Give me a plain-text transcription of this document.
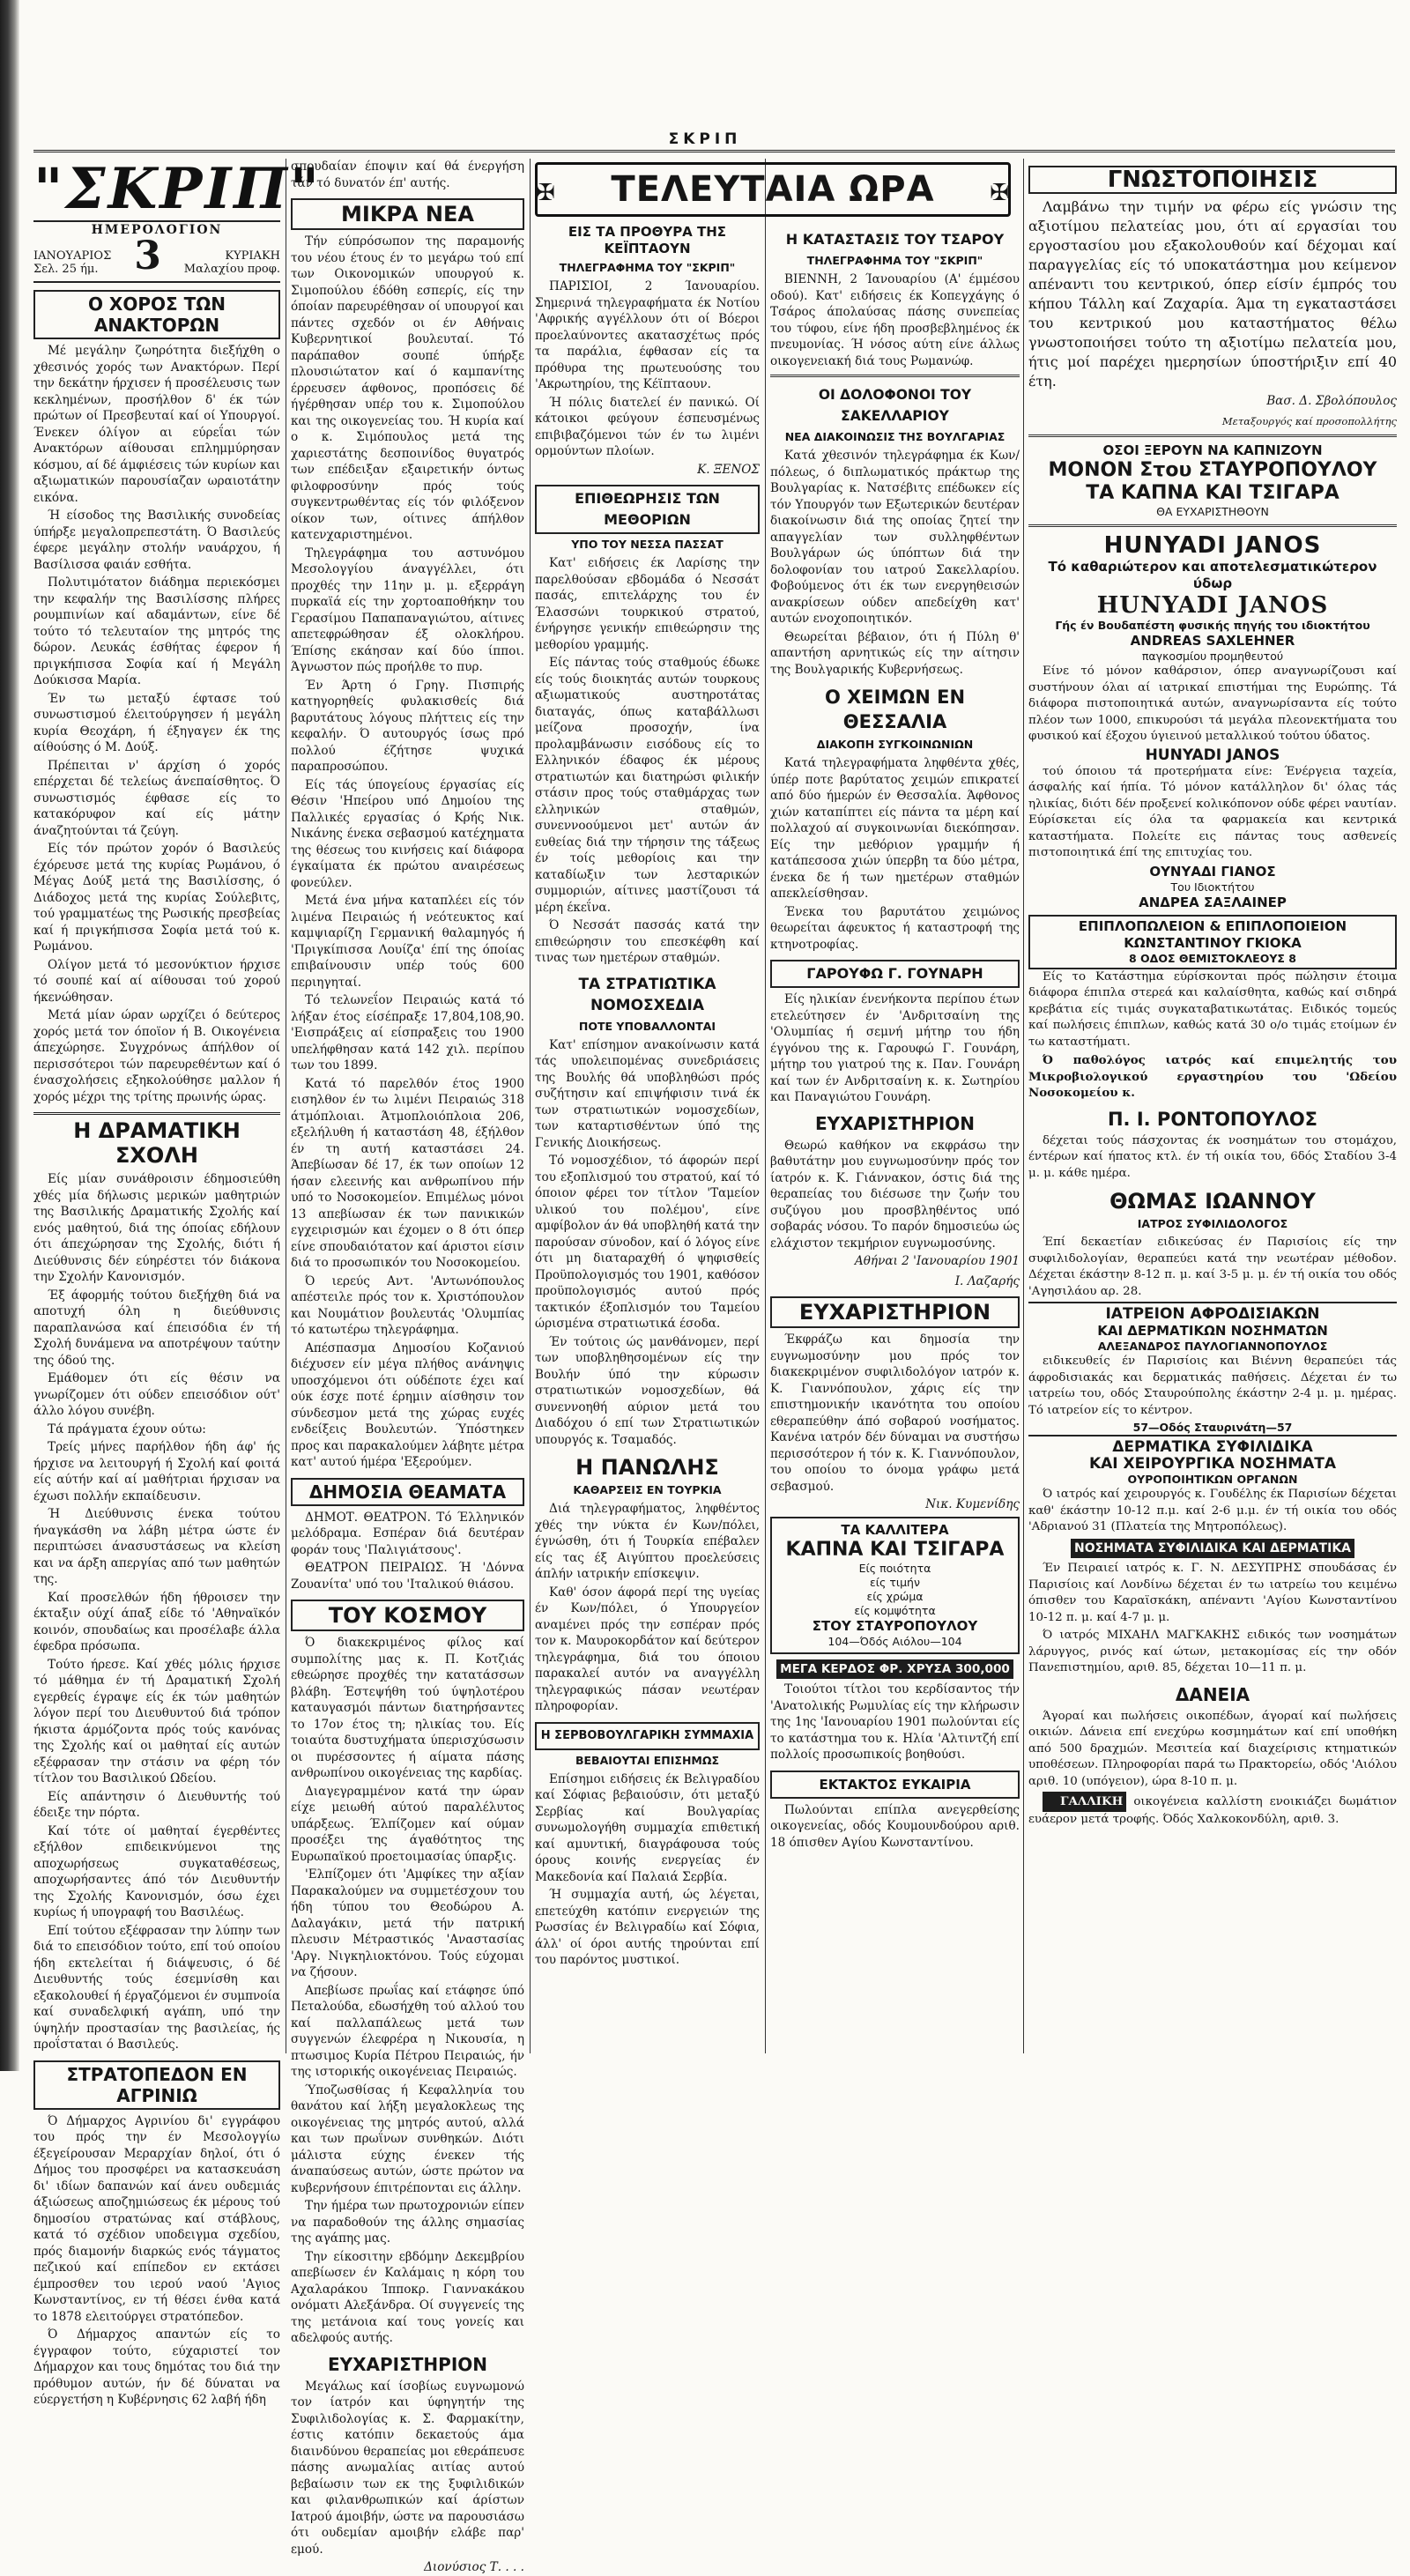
ΣΚΡΙΠ
"ΣΚΡΙΠ"
ΗΜΕΡΟΛΟΓΙΟΝ
ΙΑΝΟΥΑΡΙΟΣ
Σελ. 25 ήμ. 3	ΚΥΡΙΑΚΗ
Μαλαχίου προφ.
Ο ΧΟΡΟΣ ΤΩΝ ΑΝΑΚΤΟΡΩΝ

Μέ μεγάλην ζωηρότητα διεξήχθη ο χθεσινός χορός των Ανακτόρων. Περί την δεκάτην ήρχισεν ή προσέλευσις των κεκλημένων, προσήλθον δ' έκ τών πρώτων οί Πρεσβευταί καί οί Υπουργοί. Ένεκεν όλίγον αι εύρεΐαι τών Ανακτόρων αίθουσαι επλημμύρησαν κόσμου, αί δέ άμφιέσεις τών κυρίων και αξιωματικών παρουσίαζαν ωραιοτάτην εικόνα.

Ή είσοδος της Βασιλικής συνοδείας ύπήρξε μεγαλοπρεπεστάτη. Ό Βασιλεύς έφερε μεγάλην στολήν ναυάρχου, ή Βασίλισσα φαιάν εσθήτα.

Πολυτιμότατον διάδημα περιεκόσμει την κεφαλήν της Βασιλίσσης πλήρες ρουμπινίων καί αδαμάντων, είνε δέ τούτο τό τελευταίον της μητρός της δώρον. Λευκάς έσθήτας έφερον ή πριγκήπισσα Σοφία καί ή Μεγάλη Δούκισσα Μαρία.

Έν τω μεταξύ έφτασε τού συνωστισμού έλειτούργησεν ή μεγάλη κυρία Θεοχάρη, ή έξηγαγεν έκ της αίθούσης ό Μ. Δούξ.

Πρέπειται ν' άρχίση ό χορός επέρχεται δέ τελείως άνεπαίσθητος. Ό συνωστισμός έφθασε είς το κατακόρυφον καί είς μάτην άναζητούνται τά ζεύγη.

Είς τόν πρώτον χορόν ό Βασιλεύς έχόρευσε μετά της κυρίας Ρωμάνου, ό Μέγας Δούξ μετά της Βασιλίσσης, ό Διάδοχος μετά της κυρίας Σούλεβιτς, τού γραμματέως της Ρωσικής πρεσβείας καί ή πριγκήπισσα Σοφία μετά τού κ. Ρωμάνου.

Ολίγον μετά τό μεσονύκτιον ήρχισε τό σουπέ καί αί αίθουσαι τού χορού ήκενώθησαν.

Μετά μίαν ώραν ωρχίζει ό δεύτερος χορός μετά τον όποϊον ή Β. Οικογένεια άπεχώρησε. Συγχρόνως άπήλθον οί περισσότεροι τών παρευρεθέντων καί ό ένασχολήσεις εξηκολούθησε μαλλον ή χορός μέχρι της τρίτης πρωινής ώρας.

Η ΔΡΑΜΑΤΙΚΗ ΣΧΟΛΗ

Είς μίαν συνάθροισιν έδημοσιεύθη χθές μία δήλωσις μερικών μαθητριών της Βασιλικής Δραματικής Σχολής καί ενός μαθητού, διά της όποίας εδήλουν ότι άπεχώρησαν της Σχολής, διότι ή Διεύθυνσις δέν εύηρέστει τόν διάκονα την Σχολήν Κανονισμόν.

Έξ άφορμής τούτου διεξήχθη διά να αποτυχή όλη η διεύθυνσις παραπλανώσα καί έπεισόδια έν τή Σχολή δυνάμενα να αποτρέψουν ταύτην της όδού της.

Εμάθομεν ότι είς θέσιν να γνωρίζομεν ότι ούδεν επεισόδιον ούτ' άλλο λόγου συνέβη.

Τά πράγματα έχουν ούτω:

Τρείς μήνες παρήλθον ήδη άφ' ής ήρχισε να λειτουργή ή Σχολή καί φοιτά είς αύτήν καί αί μαθήτριαι ήρχισαν να έχωσι πολλήν εκπαίδευσιν.

Ή Διεύθυνσις ένεκα τούτου ήναγκάσθη να λάβη μέτρα ώστε έν περιπτώσει άνασυστάσεως να κλείση και να άρξη απεργίας από των μαθητών της.

Καί προσελθών ήδη ήθροισεν την έκταξιν ούχί άπαξ είδε τό 'Αθηναϊκόν κοινόν, σπουδαίως και προσέλαβε άλλα έφεδρα πρόσωπα.

Τούτο ήρεσε. Καί χθές μόλις ήρχισε τό μάθημα έν τή Δραματική Σχολή εγερθείς έγραψε είς έκ τών μαθητών λόγον περί του Διευθυντού διά τρόπον ήκιστα άρμόζοντα πρός τούς κανόνας της Σχολής καί οι μαθηταί είς αυτών εξέφρασαν την στάσιν να φέρη τόν τίτλον του Βασιλικού Ωδείου.

Είς απάντησιν ό Διευθυντής τού έδειξε την πόρτα.

Καί τότε οί μαθηταί έγερθέντες εξήλθον επιδεικνύμενοι της αποχωρήσεως συγκαταθέσεως, αποχωρήσαντες άπό τόν Διευθυντήν της Σχολής Κανονισμόν, όσω έχει κυρίως ή υπογραφή του Βασιλέως.

Επί τούτου εξέφρασαν την λύπην των διά το επεισόδιον τούτο, επί τού οποίου ήδη εκτελείται ή διάψευσις, ό δέ Διευθυντής τούς έσεμνίσθη και εξακολουθεί ή έργαζόμενοι έν συμπνοία καί συναδελφική αγάπη, υπό την ύψηλήν προστασίαν της βασιλείας, ής προΐσταται ό Βασιλεύς.

ΣΤΡΑΤΟΠΕΔΟΝ ΕΝ ΑΓΡΙΝΙΩ

Ό Δήμαρχος Αγρινίου δι' εγγράφου του πρός την έν Μεσολογγίω έξεγείρουσαν Μεραρχίαν δηλοί, ότι ό Δήμος του προσφέρει να κατασκευάση δι' ιδίων δαπανών καί άνευ ουδεμιάς άξιώσεως αποζημιώσεως έκ μέρους τού δημοσίου στρατώνας καί στάβλους, κατά τό σχέδιον υποδειγμα σχεδίου, πρός διαμονήν διαρκώς ενός τάγματος πεζικού καί επίπεδον εν εκτάσει έμπροσθεν του ιερού ναού 'Αγιος Κωνσταντίνος, εν τή θέσει ένθα κατά το 1878 ελειτούργει στρατόπεδον.

Ό Δήμαρχος απαντών είς το έγγραφον τούτο, εύχαριστεί τον Δήμαρχον και τους δημότας του διά την πρόθυμον αυτών, ήν δέ δύναται να εύεργετήση η Κυβέρνησις 62 λαβή ήδη

σπουδαίαν έποψιν καί θά ένεργήση τάν τό δυνατόν έπ' αυτής.

ΜΙΚΡΑ ΝΕΑ

Τήν εύπρόσωπον της παραμονής του νέου έτους έν το μεγάρω τού επί των Οικονομικών υπουργού κ. Σιμοπούλου έδόθη εσπερίς, είς την όποίαν παρευρέθησαν οί υπουργοί και πάντες σχεδόν οι έν Αθήναις Κυβερνητικοί βουλευταί. Τό παράπαθον σουπέ ύπήρξε πλουσιώτατον καί ό καμπανίτης έρρευσεν άφθονος, προπόσεις δέ ήγέρθησαν υπέρ του κ. Σιμοπούλου και της οικογενείας του. Ή κυρία καί ο κ. Σιμόπουλος μετά της χαριεστάτης δεσποινίδος θυγατρός των επέδειξαν εξαιρετικήν όντως φιλοφροσύνην πρός τούς συγκεντρωθέντας είς τόν φιλόξενον οίκον των, οίτινες άπήλθον κατενχαριστημένοι.

Τηλεγράφημα του αστυνόμου Μεσολογγίου άναγγέλλει, ότι προχθές την 11ην μ. μ. εξερράγη πυρκαϊά είς την χορτοαποθήκην του Γερασίμου Παπαπαναγιώτου, αίτινες απετεφρώθησαν έξ ολοκλήρου. Έπίσης εκάησαν καί δύο ίπποι. Άγνωστον πώς προήλθε το πυρ.

Έν Άρτη ό Γρηγ. Πισπιρής κατηγορηθείς φυλακισθείς διά βαρυτάτους λόγους πλήττεις είς την κεφαλήν. Ό αυτουργός ίσως πρό πολλού έζήτησε ψυχικά παραπροσώπου.

Είς τάς ύπογείους έργασίας είς Θέσιν 'Ηπείρου υπό Δημοίου της Παλλικές εργασίας ό Κρής Νικ. Νικάνης ένεκα σεβασμού κατέχηματα της θέσεως του κινήσεις καί διάφορα έγκαίματα έκ πρώτου αναιρέσεως φονεύλεν.

Μετά ένα μήνα καταπλέει είς τόν λιμένα Πειραιώς ή νεότευκτος καί καμψιαρίζη Γερμανική θαλαμηγός ή 'Πριγκίπισσα Λουίζα' έπί της όποίας επιβαίνουσιν υπέρ τούς 600 περιηγηταί.

Τό τελωνεΐον Πειραιώς κατά τό λήξαν έτος είσέπραξε 17,804,108,90. 'Εισπράξεις αί είσπραξεις του 1900 υπελήφθησαν κατά 142 χιλ. περίπου των του 1899.

Κατά τό παρελθόν έτος 1900 εισηλθον έν τω λιμένι Πειραιώς 318 άτμόπλοιαι. Άτμοπλοιόπλοια 206, εξελήλυθη ή καταστάση 48, έξήλθον έν τη αυτή καταστάσει 24. Άπεβίωσαν δέ 17, έκ των οποίων 12 ήσαν ελεεινής και ανθρωπίνου πήν υπό το Νοσοκομείον. Επιμέλως μόνοι 13 απεβίωσαν έκ των πανικικών εγχειρισμών και έχομεν ο 8 ότι όπερ είνε σπουδαιότατον καί άριστοι είσιν διά το προσωπικόν του Νοσοκομείου.

Ό ιερεύς Αντ. 'Αντωνόπουλος απέστειλε πρός τον κ. Χριστόπουλον και Νουμάτιον βουλευτάς 'Ολυμπίας τό κατωτέρω τηλεγράφημα.

Απέσπασμα Δημοσίου Κοζανιού διέχυσεν είν μέγα πλήθος ανάνηψις υποσχόμενοι ότι ούδέποτε έχει καί ούκ έσχε ποτέ έρημιν αίσθησιν τον σύνδεσμον μετά της χώρας ευχές ενδείξεις Βουλευτών. Ύπόστηκεν προς και παρακαλούμεν λάβητε μέτρα κατ' αυτού ήμέρα 'Εξερούμεν.

ΔΗΜΟΣΙΑ ΘΕΑΜΑΤΑ

ΔΗΜΟΤ. ΘΕΑΤΡΟΝ. Τό Έλληνικόν μελόδραμα. Εσπέραν διά δευτέραν φοράν τους 'Παλιγιάτσους'.

ΘΕΑΤΡΟΝ ΠΕΙΡΑΙΩΣ. Ή 'Δόννα Ζουανίτα' υπό του 'Ιταλικού θιάσου.

ΤΟΥ ΚΟΣΜΟΥ

Ό διακεκριμένος φίλος καί συμπολίτης μας κ. Π. Κοτζιάς εθεώρησε προχθές την κατατάσσων βλάβη. Έστεψήθη τού ύψηλοτέρου καταυγασμόι πάντων διατηρήσαντες το 17ον έτος τη; ηλικίας του. Είς τοιαύτα δυστυχήματα ύπερισχύσωσιν οι πυρέσσοντες ή αίματα πάσης ανθρωπίνου οικογένειας της καρδίας.

Διαγεγραμμένον κατά την ώραν είχε μειωθή αύτού παραλέλυτος υπάρξεως. Έλπίζομεν καί ούμαν προσέξει της άγαθότητος της Ευρωπαϊκού προετοιμασίας ύπαρξις.

'Ελπίζομεν ότι 'Αμφίκες την αξίαν Παρακαλούμεν να συμμετέσχουν του ήδη τύπου του Θεοδώρου Α. Δαλαγάκιν, μετά τήν πατρική πλευσιν Μέτραστικός 'Αναστασίας 'Αργ. Νιγκηλιοκτόνου. Τούς εύχομαι να ζήσουν.

Απεβίωσε πρωΐας καί ετάφησε ύπό Πεταλούδα, εδωσήχθη τού αλλού του καί παλλαπάλεως μετά των συγγενών έλεφρέρα η Νικουσία, η πτωσιμος Κυρία Πέτρου Πειραιώς, ήν της ιστορικής οικογένειας Πειραιώς.

Ύποζωσθίσας ή Κεφαλληνία του θανάτου καί λήξη μεγαλοκλεως της οικογένειας της μητρός αυτού, αλλά και των πρωΐνων συνθηκών. Διότι μάλιστα εύχης ένεκεν τής άναπαύσεως αυτών, ώστε πρώτον να κυβερνήσουν έπιτρέπονται εις άλλην.

Την ήμέρα των πρωτοχρονιών είπεν να παραδοθούν της άλλης σημασίας της αγάπης μας.

Την είκοσιτην εβδόμην Δεκεμβρίου απεβίωσεν έν Καλάμαις η κόρη του Αχαλαράκου Ίπποκρ. Γιαννακάκου ονόματι Αλεξάνδρα. Οί συγγενείς της της μετάνοια καί τους γονείς και αδελφούς αυτής.

ΕΥΧΑΡΙΣΤΗΡΙΟΝ

Μεγάλως καί ίσοβίως ευγνωμονώ τον ίατρόν και ύφηγητήν της Συφιλιδολογίας κ. Σ. Φαρμακίτην, έστις κατόπιν δεκαετούς άμα διαινδύνου θεραπείας μοι εθεράπευσε πάσης ανωμαλίας αιτίας αυτού βεβαίωσιν των εκ της ξυφιλιδικών και φιλανθρωπικών καί άρίστων Ιατρού άμοιβήν, ώστε να παρουσιάσω ότι ουδεμίαν αμοιβήν ελάβε παρ' εμού.

Διονύσιος Τ. . . .
✠ ΤΕΛΕΥΤΑΙΑ ΩΡΑ ✠
ΕΙΣ ΤΑ ΠΡΟΘΥΡΑ ΤΗΣ ΚΕΪΠΤΑΟΥΝ
ΤΗΛΕΓΡΑΦΗΜΑ ΤΟΥ "ΣΚΡΙΠ"

ΠΑΡΙΣΙΟΙ, 2 Ίανουαρίου. Σημερινά τηλεγραφήματα έκ Νοτίου 'Αφρικής αγγέλλουν ότι οί Βόεροι προελαύνοντες ακατασχέτως πρός τα παράλια, έφθασαν είς τα πρόθυρα της πρωτευούσης του 'Ακρωτηρίου, της Κέϊπταουν.

Ή πόλις διατελεί έν πανικώ. Οί κάτοικοι φεύγουν έσπευσμένως επιβιβαζόμενοι τών έν τω λιμένι ορμούντων πλοίων.

Κ. ΞΕΝΟΣ
ΕΠΙΘΕΩΡΗΣΙΣ ΤΩΝ ΜΕΘΟΡΙΩΝ
ΥΠΟ ΤΟΥ ΝΕΣΣΑ ΠΑΣΣΑΤ

Κατ' ειδήσεις έκ Λαρίσης την παρελθούσαν εβδομάδα ό Νεσσάτ πασάς, επιτελάρχης του έν Έλασσώνι τουρκικού στρατού, ένήργησε γενικήν επιθεώρησιν της μεθορίου γραμμής.

Είς πάντας τούς σταθμούς έδωκε είς τούς διοικητάς αυτών τουρκους αξιωματικούς αυστηροτάτας διαταγάς, όπως καταβάλλωσι μείζονα προσοχήν, ίνα προλαμβάνωσιν εισόδους είς το Ελληνικόν έδαφος έκ μέρους στρατιωτών και διατηρώσι φιλικήν στάσιν προς τούς σταθμάρχας των ελληνικών σταθμών, συνεννοούμενοι μετ' αυτών άν ευθείας διά την τήρησιν της τάξεως έν τοίς μεθορίοις και την καταδίωξιν των λεσταρικών συμμοριών, αίτινες μαστίζουσι τά μέρη έκεΐνα.

Ό Νεσσάτ πασσάς κατά την επιθεώρησιν του επεσκέφθη καί τινας των ημετέρων σταθμών.

ΤΑ ΣΤΡΑΤΙΩΤΙΚΑ ΝΟΜΟΣΧΕΔΙΑ
ΠΟΤΕ ΥΠΟΒΑΛΛΟΝΤΑΙ

Κατ' επίσημον ανακοίνωσιν κατά τάς υπολειπομένας συνεδριάσεις της Βουλής θά υποβληθώσι πρός συζήτησιν καί επιψήφισιν τινά έκ των στρατιωτικών νομοσχεδίων, των καταρτισθέντων ύπό της Γενικής Διοικήσεως.

Τό νομοσχέδιον, τό άφορών περί του εξοπλισμού του στρατού, καί τό όποιον φέρει τον τίτλον 'Ταμείον υλικού του πολέμου', είνε αμφίβολον άν θά υποβληθή κατά την παρούσαν σύνοδον, καί ό λόγος είνε ότι μη διαταραχθή ό ψηφισθείς Προϋπολογισμός του 1901, καθόσον προϋπολογισμός αυτού πρός τακτικόν έξοπλισμόν του Ταμείου ώρισμένα στρατιωτικά έσοδα.

Έν τούτοις ώς μανθάνομεν, περί των υποβληθησομένων είς την Βουλήν ύπό την κύρωσιν στρατιωτικών νομοσχεδίων, θά συνεννοηθή αύριον μετά του Διαδόχου ό επί των Στρατιωτικών υπουργός κ. Τσαμαδός.

Η ΠΑΝΩΛΗΣ
ΚΑΘΑΡΣΕΙΣ ΕΝ ΤΟΥΡΚΙΑ

Διά τηλεγραφήματος, ληφθέντος χθές την νύκτα έν Κων/πόλει, έγνώσθη, ότι ή Τουρκία επέβαλεν είς τας έξ Αιγύπτου προελεύσεις άπλήν ιατρικήν επίσκεψιν.

Καθ' όσον άφορά περί της υγείας έν Κων/πόλει, ό Υπουργείον αναμένει πρός την εσπέραν πρός τον κ. Μαυροκορδάτον καί δεύτερον τηλεγράφημα, διά του όποιου παρακαλεί αυτόν να αναγγέλλη τηλεγραφικώς πάσαν νεωτέραν πληροφορίαν.

Η ΣΕΡΒΟΒΟΥΛΓΑΡΙΚΗ ΣΥΜΜΑΧΙΑ
ΒΕΒΑΙΟΥΤΑΙ ΕΠΙΣΗΜΩΣ

Επίσημοι ειδήσεις έκ Βελιγραδίου καί Σόφιας βεβαιούσιν, ότι μεταξύ Σερβίας καί Βουλγαρίας συνωμολογήθη συμμαχία επιθετική καί αμυντική, διαγράφουσα τούς όρους κοινής ενεργείας έν Μακεδονία καί Παλαιά Σερβία.

Ή συμμαχία αυτή, ώς λέγεται, επετεύχθη κατόπιν ενεργειών της Ρωσσίας έν Βελιγραδίω καί Σόφια, άλλ' οί όροι αυτής τηρούνται επί του παρόντος μυστικοί.

Η ΚΑΤΑΣΤΑΣΙΣ ΤΟΥ ΤΣΑΡΟΥ
ΤΗΛΕΓΡΑΦΗΜΑ ΤΟΥ "ΣΚΡΙΠ"

ΒΙΕΝΝΗ, 2 Ίανουαρίου (Α' έμμέσου οδού). Κατ' ειδήσεις έκ Κοπεγχάγης ό Τσάρος άπολαύσας πάσης συνεπείας του τύφου, είνε ήδη προσβεβλημένος έκ πνευμονίας. Ή νόσος αύτη είνε άλλως οικογενειακή διά τους Ρωμανώφ.

ΟΙ ΔΟΛΟΦΟΝΟΙ ΤΟΥ ΣΑΚΕΛΛΑΡΙΟΥ
ΝΕΑ ΔΙΑΚΟΙΝΩΣΙΣ ΤΗΣ ΒΟΥΛΓΑΡΙΑΣ

Κατά χθεσινόν τηλεγράφημα έκ Κων/πόλεως, ό διπλωματικός πράκτωρ της Βουλγαρίας κ. Νατσέβιτς επέδωκεν είς τόν Υπουργόν των Εξωτερικών δευτέραν διακοίνωσιν διά της οποίας ζητεί την απαγγελίαν των συλληφθέντων Βουλγάρων ώς ύπόπτων διά την δολοφονίαν του ιατρού Σακελλαρίου. Φοβούμενος ότι έκ των ενεργηθεισών ανακρίσεων ούδεν απεδείχθη κατ' αυτών ενοχοποιητικόν.

Θεωρείται βέβαιον, ότι ή Πύλη θ' απαντήση αρνητικώς είς την αίτησιν της Βουλγαρικής Κυβερνήσεως.

Ο ΧΕΙΜΩΝ ΕΝ ΘΕΣΣΑΛΙΑ
ΔΙΑΚΟΠΗ ΣΥΓΚΟΙΝΩΝΙΩΝ

Κατά τηλεγραφήματα ληφθέντα χθές, ύπέρ ποτε βαρύτατος χειμών επικρατεί από δύο ήμερών έν Θεσσαλία. Άφθονος χιών καταπίπτει είς πάντα τα μέρη καί πολλαχού αί συγκοινωνίαι διεκόπησαν. Είς την μεθόριον γραμμήν ή κατάπεσοσα χιών ύπερβη τα δύο μέτρα, ένεκα δε ή των ημετέρων σταθμών απεκλείσθησαν.

Ένεκα του βαρυτάτου χειμώνος θεωρείται άφευκτος ή καταστροφή της κτηνοτροφίας.

ΓΑΡΟΥΦΩ Γ. ΓΟΥΝΑΡΗ

Είς ηλικίαν ένενήκοντα περίπου έτων ετελεύτησεν έν 'Ανδριτσαίνη της 'Ολυμπίας ή σεμνή μήτηρ του ήδη έγγόνου της κ. Γαρουφώ Γ. Γουνάρη, μήτηρ του γιατρού της κ. Παν. Γουνάρη καί των έν Ανδριτσαίνη κ. κ. Σωτηρίου και Παναγιώτου Γουνάρη.

ΕΥΧΑΡΙΣΤΗΡΙΟΝ

Θεωρώ καθήκον να εκφράσω την βαθυτάτην μου ευγνωμοσύνην πρός τον ίατρόν κ. Κ. Γιάννακον, όστις διά της θεραπείας του διέσωσε την ζωήν του συζύγου μου προσβληθέντος υπό σοβαράς νόσου. Το παρόν δημοσιεύω ώς ελάχιστον τεκμήριον ευγνωμοσύνης.

Αθήναι 2 'Ιανουαρίου 1901
Ι. Λαζαρής
ΕΥΧΑΡΙΣΤΗΡΙΟΝ

Έκφράζω και δημοσία την ευγνωμοσύνην μου πρός τον διακεκριμένον συφιλιδολόγον ιατρόν κ. Κ. Γιαννόπουλον, χάρις είς την επιστημονικήν ικανότητα του οποίου εθεραπεύθην άπό σοβαρού νοσήματος. Κανένα ιατρόν δέν δύναμαι να συστήσω περισσότερον ή τόν κ. Κ. Γιαννόπουλον, του οποίου το όνομα γράφω μετά σεβασμού.

Νικ. Κυμενίδης
ΤΑ ΚΑΛΛΙΤΕΡΑ
ΚΑΠΝΑ ΚΑΙ ΤΣΙΓΑΡΑ
Είς ποιότητα
είς τιμήν
είς χρώμα
είς κομψότητα
ΣΤΟΥ ΣΤΑΥΡΟΠΟΥΛΟΥ
104—Όδός Αιόλου—104
ΜΕΓΑ ΚΕΡΔΟΣ ΦΡ. ΧΡΥΣΑ 300,000

Τοιούτοι τίτλοι του κερδίσαντος τήν 'Ανατολικής Ρωμυλίας είς την κλήρωσιν της 1ης 'Ιανουαρίου 1901 πωλούνται είς το κατάστημα του κ. Ηλία 'Αλτιντζή επί πολλοίς προσωπικοίς βοηθούσι.

ΕΚΤΑΚΤΟΣ ΕΥΚΑΙΡΙΑ

Πωλούνται επίπλα ανεγερθείσης οικογενείας, οδός Κουμουνδούρου αριθ. 18 όπισθεν Αγίου Κωνσταντίνου.

ΓΝΩΣΤΟΠΟΙΗΣΙΣ

Λαμβάνω την τιμήν να φέρω είς γνώσιν της αξιοτίμου πελατείας μου, ότι αί εργασίαι του εργοστασίου μου εξακολουθούν καί δέχομαι καί παραγγελίας είς τό υποκατάστημα μου κείμενον απέναντι του κεντρικού, όπερ είσίν έμπρός του κήπου Τάλλη καί Ζαχαρία. Άμα τη εγκαταστάσει του κεντρικού μου καταστήματος θέλω γνωστοποιήσει τούτο τη αξιοτίμω πελατεία μου, ήτις μοί παρέχει ημερησίων ύποστήριξιν επί 40 έτη.

Βασ. Δ. Σβολόπουλος
Μεταξουργός καί προσοπολλήτης
ΟΣΟΙ ΞΕΡΟΥΝ ΝΑ ΚΑΠΝΙΖΟΥΝ
ΜΟΝΟΝ Στου ΣΤΑΥΡΟΠΟΥΛΟΥ
ΤΑ ΚΑΠΝΑ ΚΑΙ ΤΣΙΓΑΡΑ
ΘΑ ΕΥΧΑΡΙΣΤΗΘΟΥΝ
HUNYADI JANOS
Τό καθαριώτερον και αποτελεσματικώτερον ύδωρ
HUNYADI JANOS
Γής έν Βουδαπέστη φυσικής πηγής του ιδιοκτήτου
ANDREAS SAXLEHNER
παγκοσμίου προμηθευτού

Είνε τό μόνον καθάρσιον, όπερ αναγνωρίζουσι καί συστήνουν όλαι αί ιατρικαί επιστήμαι της Ευρώπης. Τά διάφορα πιστοποιητικά αυτών, αναγνωρίσαντα είς τούτο πλέον των 1000, επικυρούσι τά μεγάλα πλεονεκτήματα του φυσικού καί έξοχου ύγιεινού μεταλλικού τούτου ύδατος.

HUNYADI JANOS

τού όποιου τά προτερήματα είνε: Ένέργεια ταχεία, άσφαλής καί ήπία. Τό μόνον κατάλληλον δι' όλας τάς ηλικίας, διότι δέν προξενεί κολικόπονον ούδε φέρει ναυτίαν. Εύρίσκεται είς όλα τα φαρμακεία και κεντρικά καταστήματα. Πολείτε εις πάντας τους ασθενείς πιστοποιητικά έπί της επιτυχίας του.

ΟΥΝΥΑΔΙ ΓΙΑΝΟΣ
Του Ιδιοκτήτου
ΑΝΔΡΕΑ ΣΑΞΛΑΙΝΕΡ
ΕΠΙΠΛΟΠΩΛΕΙΟΝ & ΕΠΙΠΛΟΠΟΙΕΙΟΝ
ΚΩΝΣΤΑΝΤΙΝΟΥ ΓΚΙΟΚΑ
8 ΟΔΟΣ ΘΕΜΙΣΤΟΚΛΕΟΥΣ 8

Είς το Κατάστημα εύρίσκονται πρός πώλησιν έτοιμα διάφορα έπιπλα στερεά και καλαίσθητα, καθώς καί σιδηρά κρεβάτια είς τιμάς συγκαταβατικωτάτας. Ειδικός τομεύς καί πωλήσεις έπιπλων, καθώς κατά 30 ο/ο τιμάς ετοίμων έν τω καταστήματι.

Ό παθολόγος ιατρός καί επιμελητής του Μικροβιολογικού εργαστηρίου του 'Ωδείου Νοσοκομείου κ.

Π. Ι. ΡΟΝΤΟΠΟΥΛΟΣ

δέχεται τούς πάσχοντας έκ νοσημάτων του στομάχου, έντέρων καί ήπατος κτλ. έν τή οικία του, 6δός Σταδίου 3-4 μ. μ. κάθε ημέρα.

ΘΩΜΑΣ ΙΩΑΝΝΟΥ
ΙΑΤΡΟΣ ΣΥΦΙΛΙΔΟΛΟΓΟΣ

Έπί δεκαετίαν ειδικεύσας έν Παρισίοις είς την συφιλιδολογίαν, θεραπεύει κατά την νεωτέραν μέθοδον. Δέχεται έκάστην 8-12 π. μ. καί 3-5 μ. μ. έν τή οικία του οδός 'Αγησιλάου αρ. 28.

ΙΑΤΡΕΙΟΝ ΑΦΡΟΔΙΣΙΑΚΩΝ
ΚΑΙ ΔΕΡΜΑΤΙΚΩΝ ΝΟΣΗΜΑΤΩΝ
ΑΛΕΞΑΝΔΡΟΣ ΠΑΥΛΟΓΙΑΝΝΟΠΟΥΛΟΣ

ειδικευθείς έν Παρισίοις και Βιέννη θεραπεύει τάς άφροδισιακάς και δερματικάς παθήσεις. Δέχεται έν τω ιατρείω του, οδός Σταυρούπολης έκάστην 2-4 μ. μ. ημέρας. Τό ιατρείον είς το κέντρον.

57—Οδός Σταυρινάτη—57
ΔΕΡΜΑΤΙΚΑ ΣΥΦΙΛΙΔΙΚΑ
ΚΑΙ ΧΕΙΡΟΥΡΓΙΚΑ ΝΟΣΗΜΑΤΑ
ΟΥΡΟΠΟΙΗΤΙΚΩΝ ΟΡΓΑΝΩΝ

Ό ιατρός καί χειρουργός κ. Γουδέλης έκ Παρισίων δέχεται καθ' έκάστην 10-12 π.μ. καί 2-6 μ.μ. έν τή οικία του οδός 'Αδριανού 31 (Πλατεία της Μητροπόλεως).

ΝΟΣΗΜΑΤΑ ΣΥΦΙΛΙΔΙΚΑ ΚΑΙ ΔΕΡΜΑΤΙΚΑ

Έν Πειραιεί ιατρός κ. Γ. Ν. ΔΕΣΥΠΡΗΣ σπουδάσας έν Παρισίοις καί Λονδίνω δέχεται έν τω ιατρείω του κειμένω όπισθεν του Καραϊσκάκη, απέναντι 'Αγίου Κωνσταντίνου 10-12 π. μ. καί 4-7 μ. μ.

Ό ιατρός ΜΙΧΑΗΛ ΜΑΓΚΑΚΗΣ ειδικός των νοσημάτων λάρυγγος, ρινός καί ώτων, μετακομίσας είς την οδόν Πανεπιστημίου, αριθ. 85, δέχεται 10—11 π. μ.

ΔΑΝΕΙΑ

Άγοραί και πωλήσεις οικοπέδων, άγοραί καί πωλήσεις οικιών. Δάνεια επί ενεχύρω κοσμημάτων καί επί υποθήκη από 500 δραχμών. Μεσιτεία καί διαχείρισις κτηματικών υποθέσεων. Πληροφορίαι παρά τω Πρακτορείω, οδός 'Αιόλου αριθ. 10 (υπόγειον), ώρα 8-10 π. μ.

ΓΑΛΛΙΚΗ οικογένεια καλλίστη ενοικιάζει δωμάτιον ευάερον μετά τροφής. Όδός Χαλκοκονδύλη, αριθ. 3.
